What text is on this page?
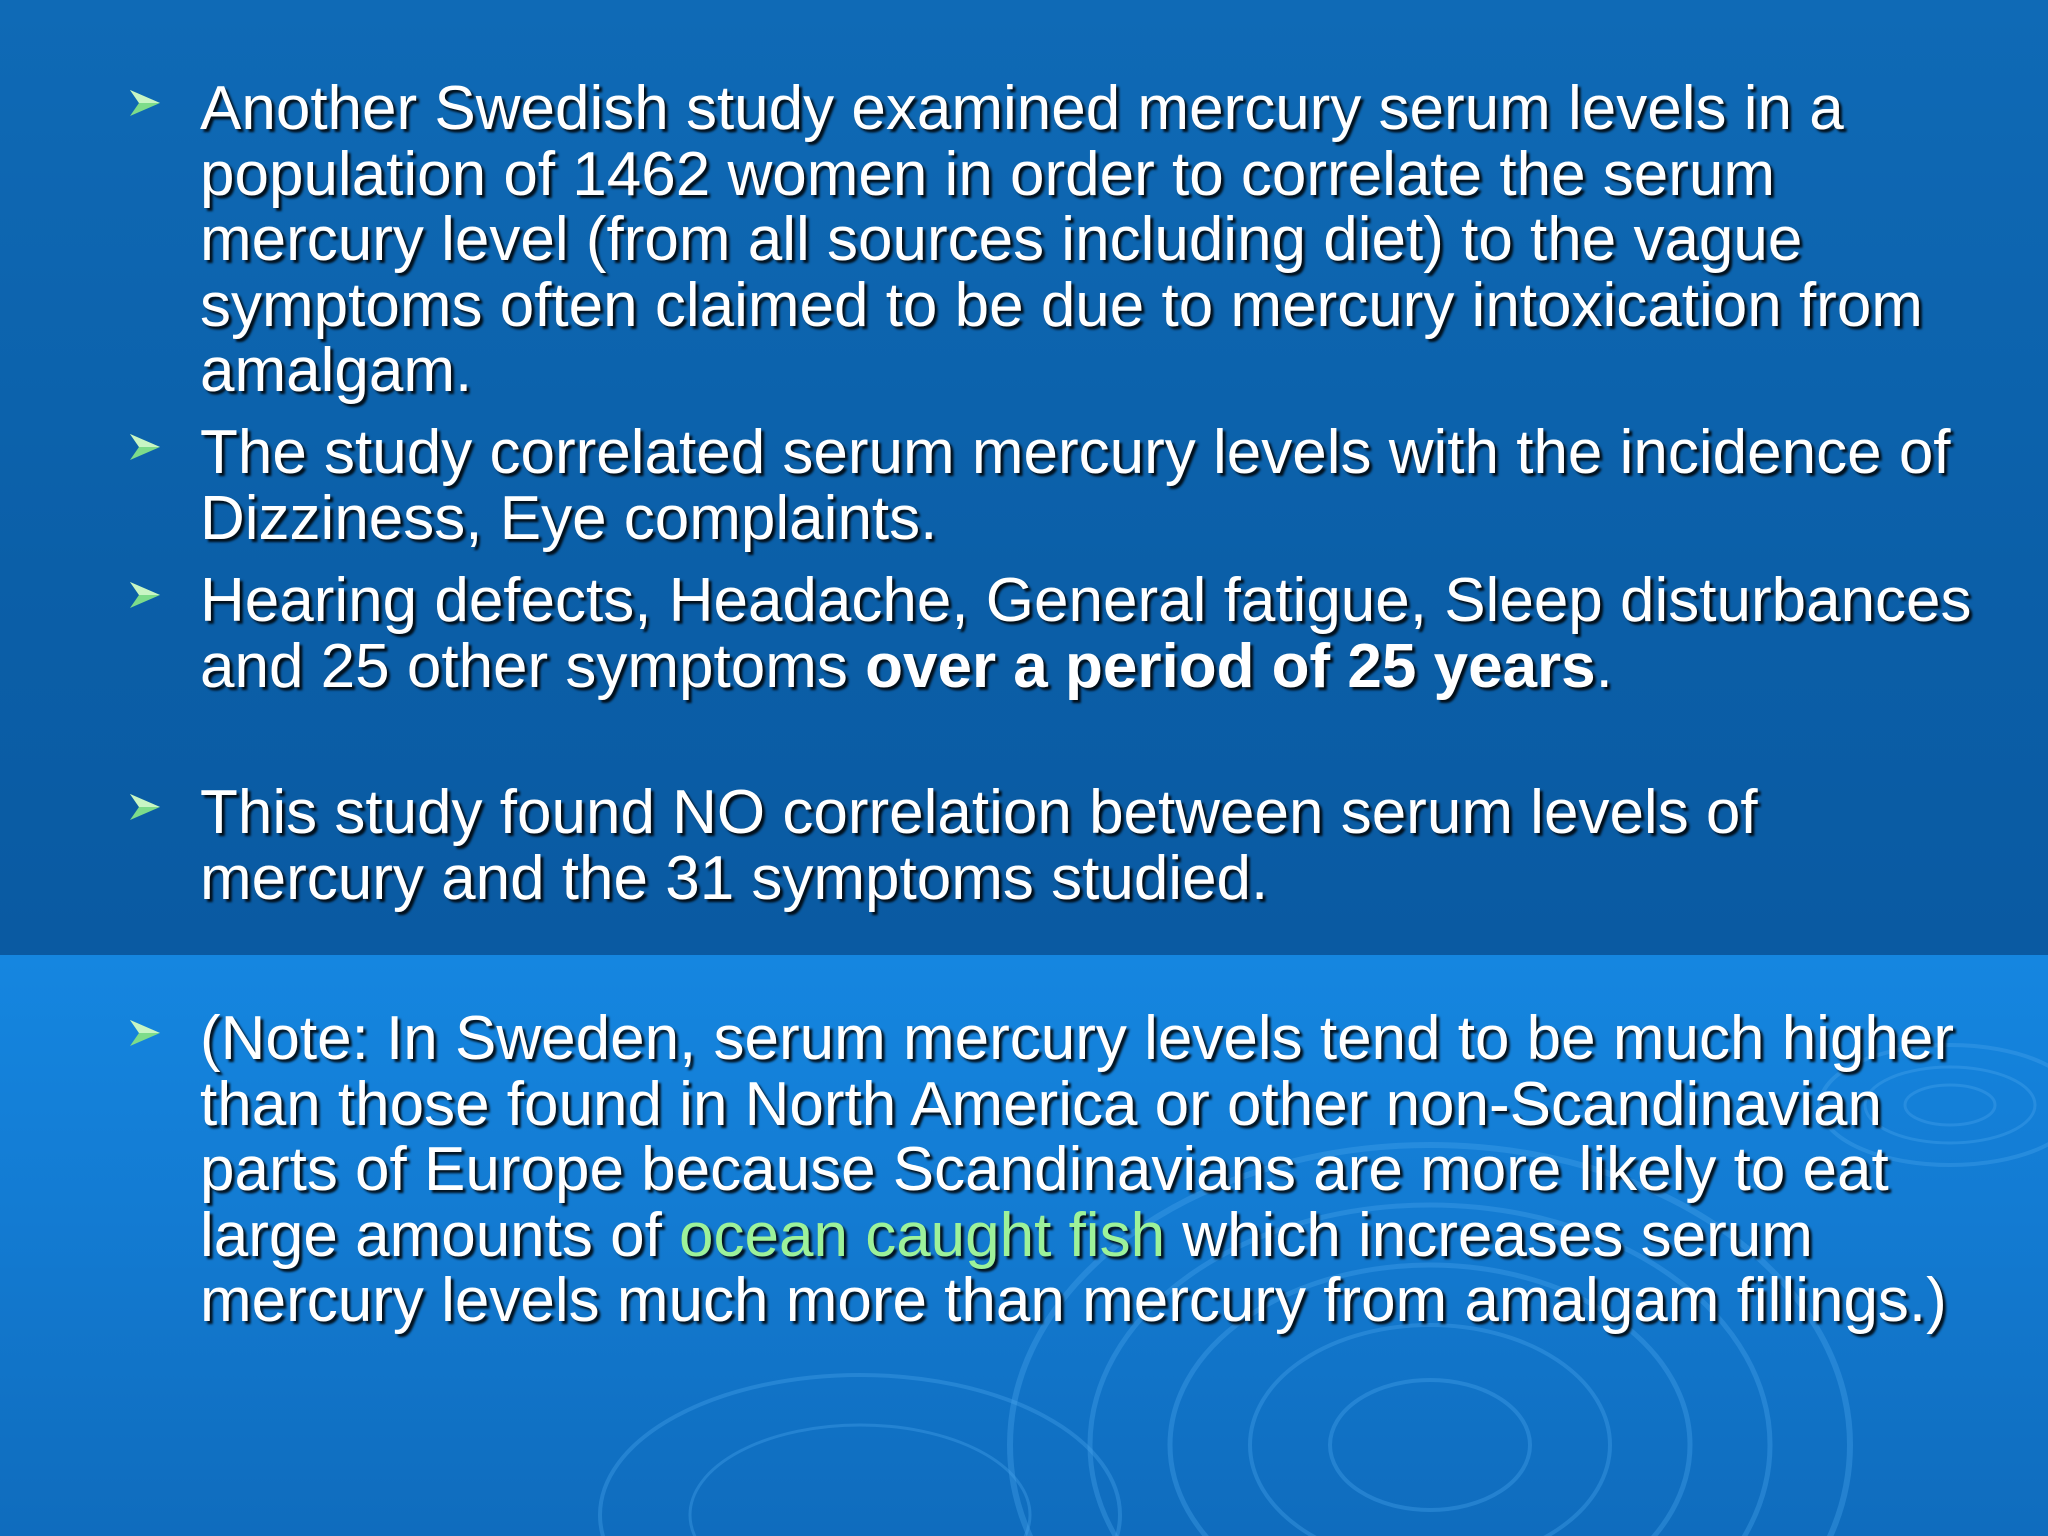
Another Swedish study examined mercury serum levels in a population of 1462 women in order to correlate the serum mercury level (from all sources including diet) to the vague symptoms often claimed to be due to mercury intoxication from amalgam.
The study correlated serum mercury levels with the incidence of Dizziness, Eye complaints.
Hearing defects, Headache, General fatigue, Sleep disturbances and 25 other symptoms over a period of 25 years.
This study found NO correlation between serum levels of mercury and the 31 symptoms studied.
(Note: In Sweden, serum mercury levels tend to be much higher than those found in North America or other non-Scandinavian parts of Europe because Scandinavians are more likely to eat large amounts of ocean caught fish which increases serum mercury levels much more than mercury from amalgam fillings.)
